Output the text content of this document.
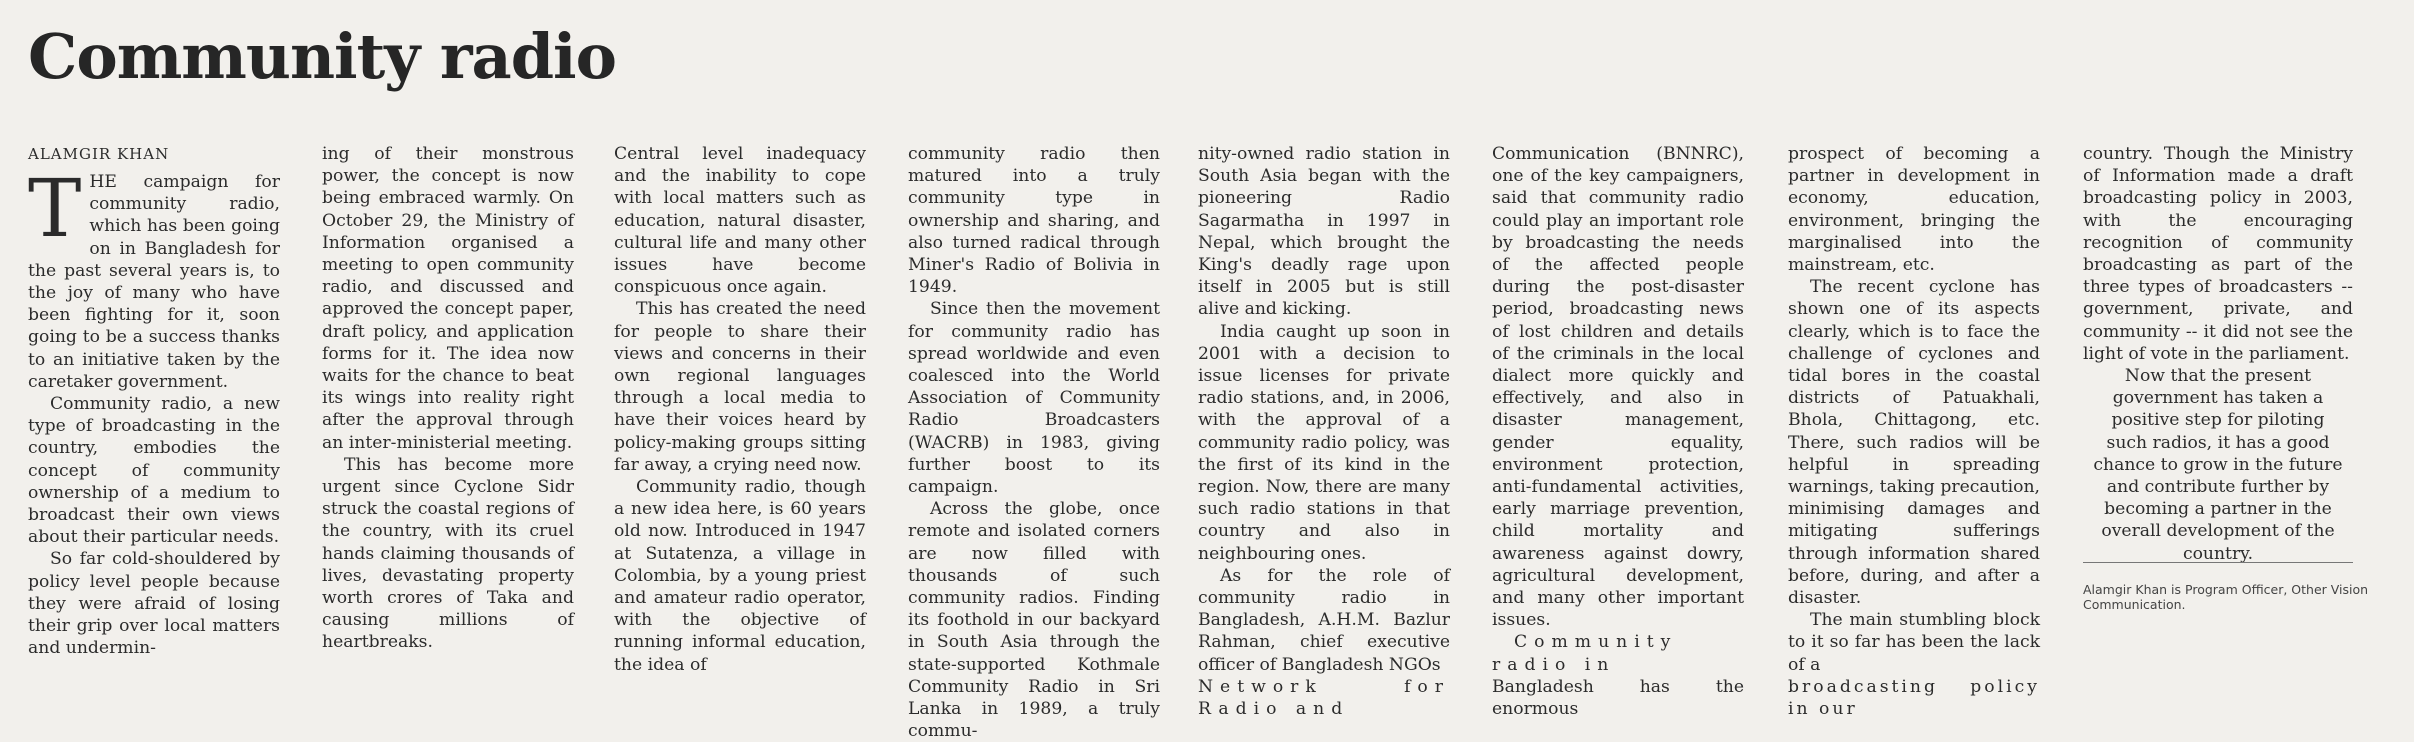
Community radio
ALAMGIR KHAN

THE campaign for community radio, which has been going on in Bangladesh for the past several years is, to the joy of many who have been fighting for it, soon going to be a success thanks to an initiative taken by the caretaker government.

Community radio, a new type of broadcasting in the country, embodies the concept of community ownership of a medium to broadcast their own views about their particular needs.

So far cold-shouldered by policy level people because they were afraid of losing their grip over local matters and undermin-

ing of their monstrous power, the concept is now being embraced warmly. On October 29, the Ministry of Information organised a meeting to open community radio, and discussed and approved the concept paper, draft policy, and application forms for it. The idea now waits for the chance to beat its wings into reality right after the approval through an inter-ministerial meeting.

This has become more urgent since Cyclone Sidr struck the coastal regions of the country, with its cruel hands claiming thousands of lives, devastating property worth crores of Taka and causing millions of heartbreaks.

Central level inadequacy and the inability to cope with local matters such as education, natural disaster, cultural life and many other issues have become conspicuous once again.

This has created the need for people to share their views and concerns in their own regional languages through a local media to have their voices heard by policy-making groups sitting far away, a crying need now.

Community radio, though a new idea here, is 60 years old now. Introduced in 1947 at Sutatenza, a village in Colombia, by a young priest and amateur radio operator, with the objective of running informal education, the idea of

community radio then matured into a truly community type in ownership and sharing, and also turned radical through Miner's Radio of Bolivia in 1949.

Since then the movement for community radio has spread worldwide and even coalesced into the World Association of Community Radio Broadcasters (WACRB) in 1983, giving further boost to its campaign.

Across the globe, once remote and isolated corners are now filled with thousands of such community radios. Finding its foothold in our backyard in South Asia through the state-supported Kothmale Community Radio in Sri Lanka in 1989, a truly commu-

nity-owned radio station in South Asia began with the pioneering Radio Sagarmatha in 1997 in Nepal, which brought the King's deadly rage upon itself in 2005 but is still alive and kicking.

India caught up soon in 2001 with a decision to issue licenses for private radio stations, and, in 2006, with the approval of a community radio policy, was the first of its kind in the region. Now, there are many such radio stations in that country and also in neighbouring ones.

As for the role of community radio in Bangladesh, A.H.M. Bazlur Rahman, chief executive officer of Bangladesh NGOs

Network for Radio and

Communication (BNNRC), one of the key campaigners, said that community radio could play an important role by broadcasting the needs of the affected people during the post-disaster period, broadcasting news of lost children and details of the criminals in the local dialect more quickly and effectively, and also in disaster management, gender equality, environment protection, anti-fundamental activities, early marriage prevention, child mortality and awareness against dowry, agricultural development, and many other important issues.

Community radio in

Bangladesh has the enormous

prospect of becoming a partner in development in economy, education, environment, bringing the marginalised into the mainstream, etc.

The recent cyclone has shown one of its aspects clearly, which is to face the challenge of cyclones and tidal bores in the coastal districts of Patuakhali, Bhola, Chittagong, etc. There, such radios will be helpful in spreading warnings, taking precaution, minimising damages and mitigating sufferings through information shared before, during, and after a disaster.

The main stumbling block to it so far has been the lack of a

broadcasting policy in our

country. Though the Ministry of Information made a draft broadcasting policy in 2003, with the encouraging recognition of community broadcasting as part of the three types of broadcasters -- government, private, and community -- it did not see the light of vote in the parliament.

Now that the present government has taken a positive step for piloting such radios, it has a good chance to grow in the future and contribute further by becoming a partner in the overall development of the country.

Alamgir Khan is Program Officer, Other Vision Communication.
